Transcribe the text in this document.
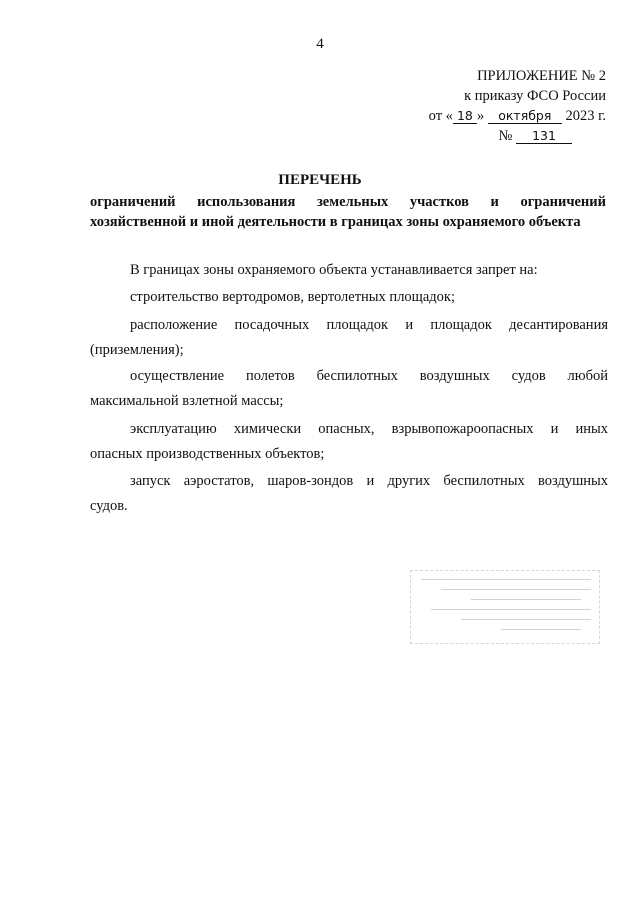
4
ПРИЛОЖЕНИЕ № 2
к приказу ФСО России
от « 18 » октября 2023 г.
№ 131
ПЕРЕЧЕНЬ
ограничений использования земельных участков и ограничений
хозяйственной и иной деятельности в границах зоны охраняемого объекта
В границах зоны охраняемого объекта устанавливается запрет на:
строительство вертодромов, вертолетных площадок;
расположение посадочных площадок и площадок десантирования
(приземления);
осуществление полетов беспилотных воздушных судов любой
максимальной взлетной массы;
эксплуатацию химически опасных, взрывопожароопасных и иных
опасных производственных объектов;
запуск аэростатов, шаров-зондов и других беспилотных воздушных
судов.
